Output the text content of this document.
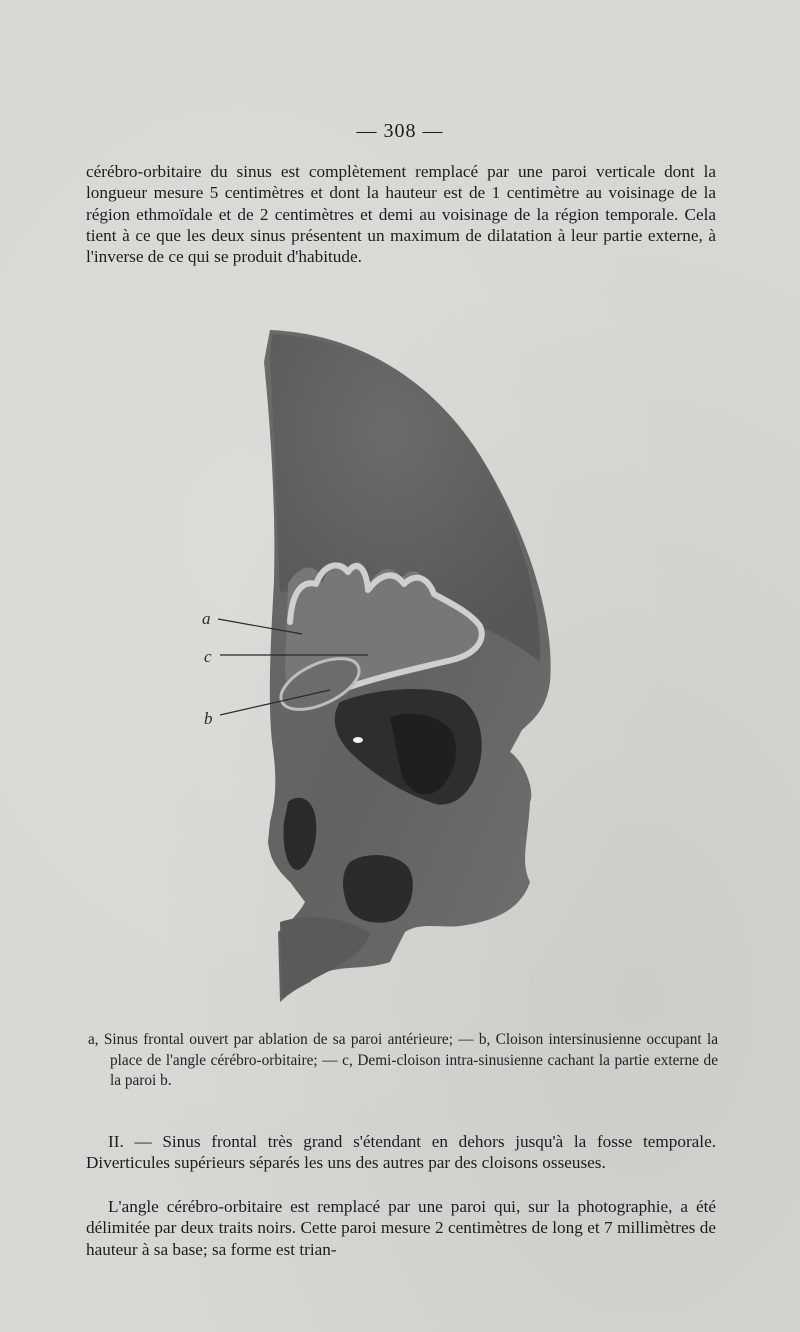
— 308 —

cérébro-orbitaire du sinus est complètement remplacé par une paroi verticale dont la longueur mesure 5 centimètres et dont la hauteur est de 1 centimètre au voisinage de la région ethmoïdale et de 2 centimètres et demi au voisinage de la région temporale. Cela tient à ce que les deux sinus présentent un maximum de dilatation à leur partie externe, à l'inverse de ce qui se produit d'habitude.

a
c
b

a, Sinus frontal ouvert par ablation de sa paroi antérieure; — b, Cloison intersinusienne occupant la place de l'angle cérébro-orbitaire; — c, Demi-cloison intra-sinusienne cachant la partie externe de la paroi b.

II. — Sinus frontal très grand s'étendant en dehors jusqu'à la fosse temporale. Diverticules supérieurs séparés les uns des autres par des cloisons osseuses.

L'angle cérébro-orbitaire est remplacé par une paroi qui, sur la photographie, a été délimitée par deux traits noirs. Cette paroi mesure 2 centimètres de long et 7 millimètres de hauteur à sa base; sa forme est trian-
